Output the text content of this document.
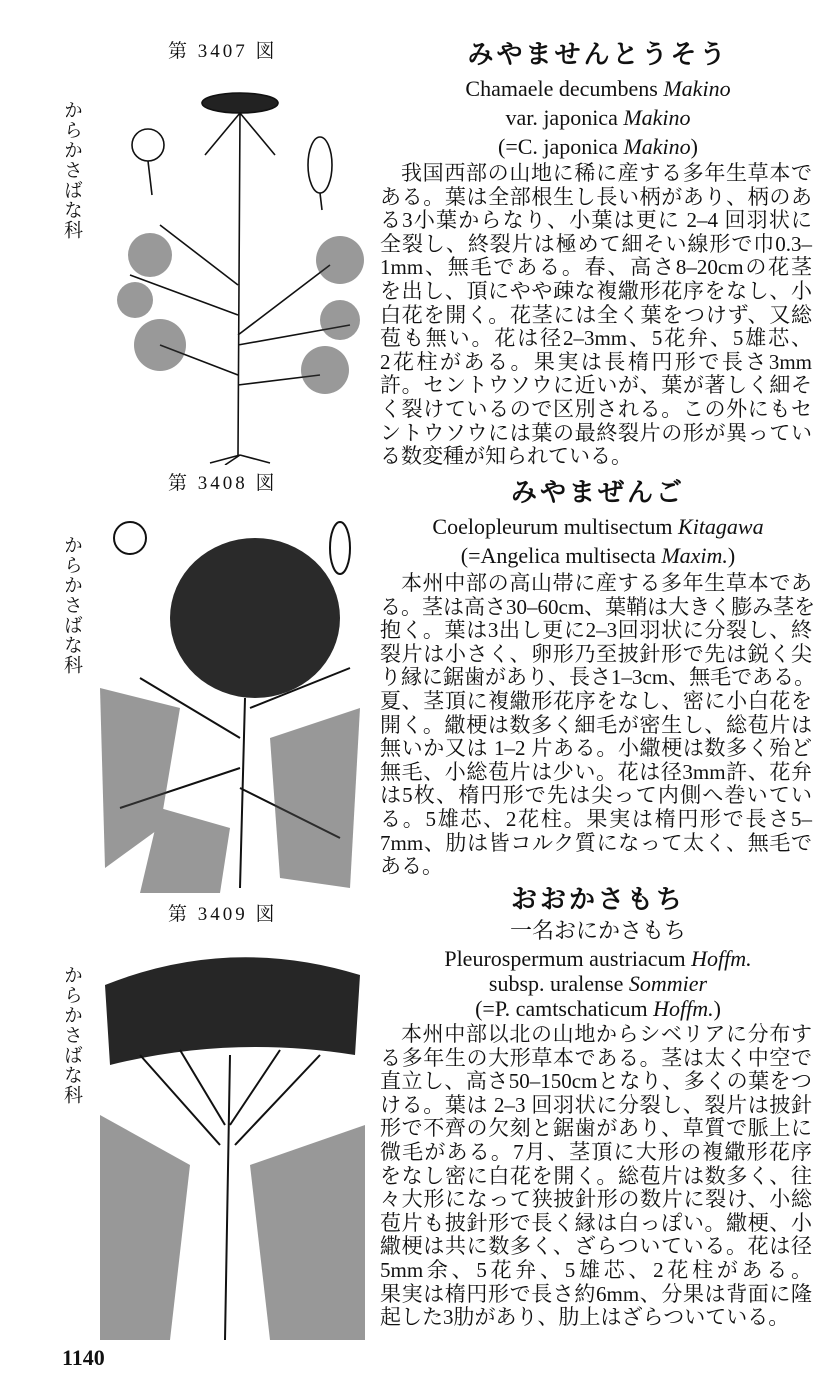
第 3407 図
からかさばな科
みやませんとうそう
Chamaele decumbens Makino
var. japonica Makino
(=C. japonica Makino)
我国西部の山地に稀に産する多年生草本で
ある。葉は全部根生し長い柄があり、柄のあ
る3小葉からなり、小葉は更に 2–4 回羽状に
全裂し、終裂片は極めて細そい線形で巾0.3–
1mm、無毛である。春、高さ8–20cmの花茎
を出し、頂にやや疎な複繖形花序をなし、小
白花を開く。花茎には全く葉をつけず、又総
苞も無い。花は径2–3mm、5花弁、5雄芯、
2花柱がある。果実は長楕円形で長さ3mm
許。セントウソウに近いが、葉が著しく細そ
く裂けているので区別される。この外にもセ
ントウソウには葉の最終裂片の形が異ってい
る数変種が知られている。
第 3408 図
からかさばな科
みやまぜんご
Coelopleurum multisectum Kitagawa
(=Angelica multisecta Maxim.)
本州中部の高山帯に産する多年生草本であ
る。茎は高さ30–60cm、葉鞘は大きく膨み茎を
抱く。葉は3出し更に2–3回羽状に分裂し、終
裂片は小さく、卵形乃至披針形で先は鋭く尖
り縁に鋸歯があり、長さ1–3cm、無毛である。
夏、茎頂に複繖形花序をなし、密に小白花を
開く。繖梗は数多く細毛が密生し、総苞片は
無いか又は 1–2 片ある。小繖梗は数多く殆ど
無毛、小総苞片は少い。花は径3mm許、花弁
は5枚、楕円形で先は尖って内側へ巻いてい
る。5雄芯、2花柱。果実は楕円形で長さ5–
7mm、肋は皆コルク質になって太く、無毛で
ある。
第 3409 図
からかさばな科
おおかさもち
一名おにかさもち
Pleurospermum austriacum Hoffm.
subsp. uralense Sommier
(=P. camtschaticum Hoffm.)
本州中部以北の山地からシベリアに分布す
る多年生の大形草本である。茎は太く中空で
直立し、高さ50–150cmとなり、多くの葉をつ
ける。葉は 2–3 回羽状に分裂し、裂片は披針
形で不齊の欠刻と鋸歯があり、草質で脈上に
微毛がある。7月、茎頂に大形の複繖形花序
をなし密に白花を開く。総苞片は数多く、往
々大形になって狭披針形の数片に裂け、小総
苞片も披針形で長く縁は白っぽい。繖梗、小
繖梗は共に数多く、ざらついている。花は径
5mm余、5花弁、5雄芯、2花柱がある。
果実は楕円形で長さ約6mm、分果は背面に隆
起した3肋があり、肋上はざらついている。
1140
